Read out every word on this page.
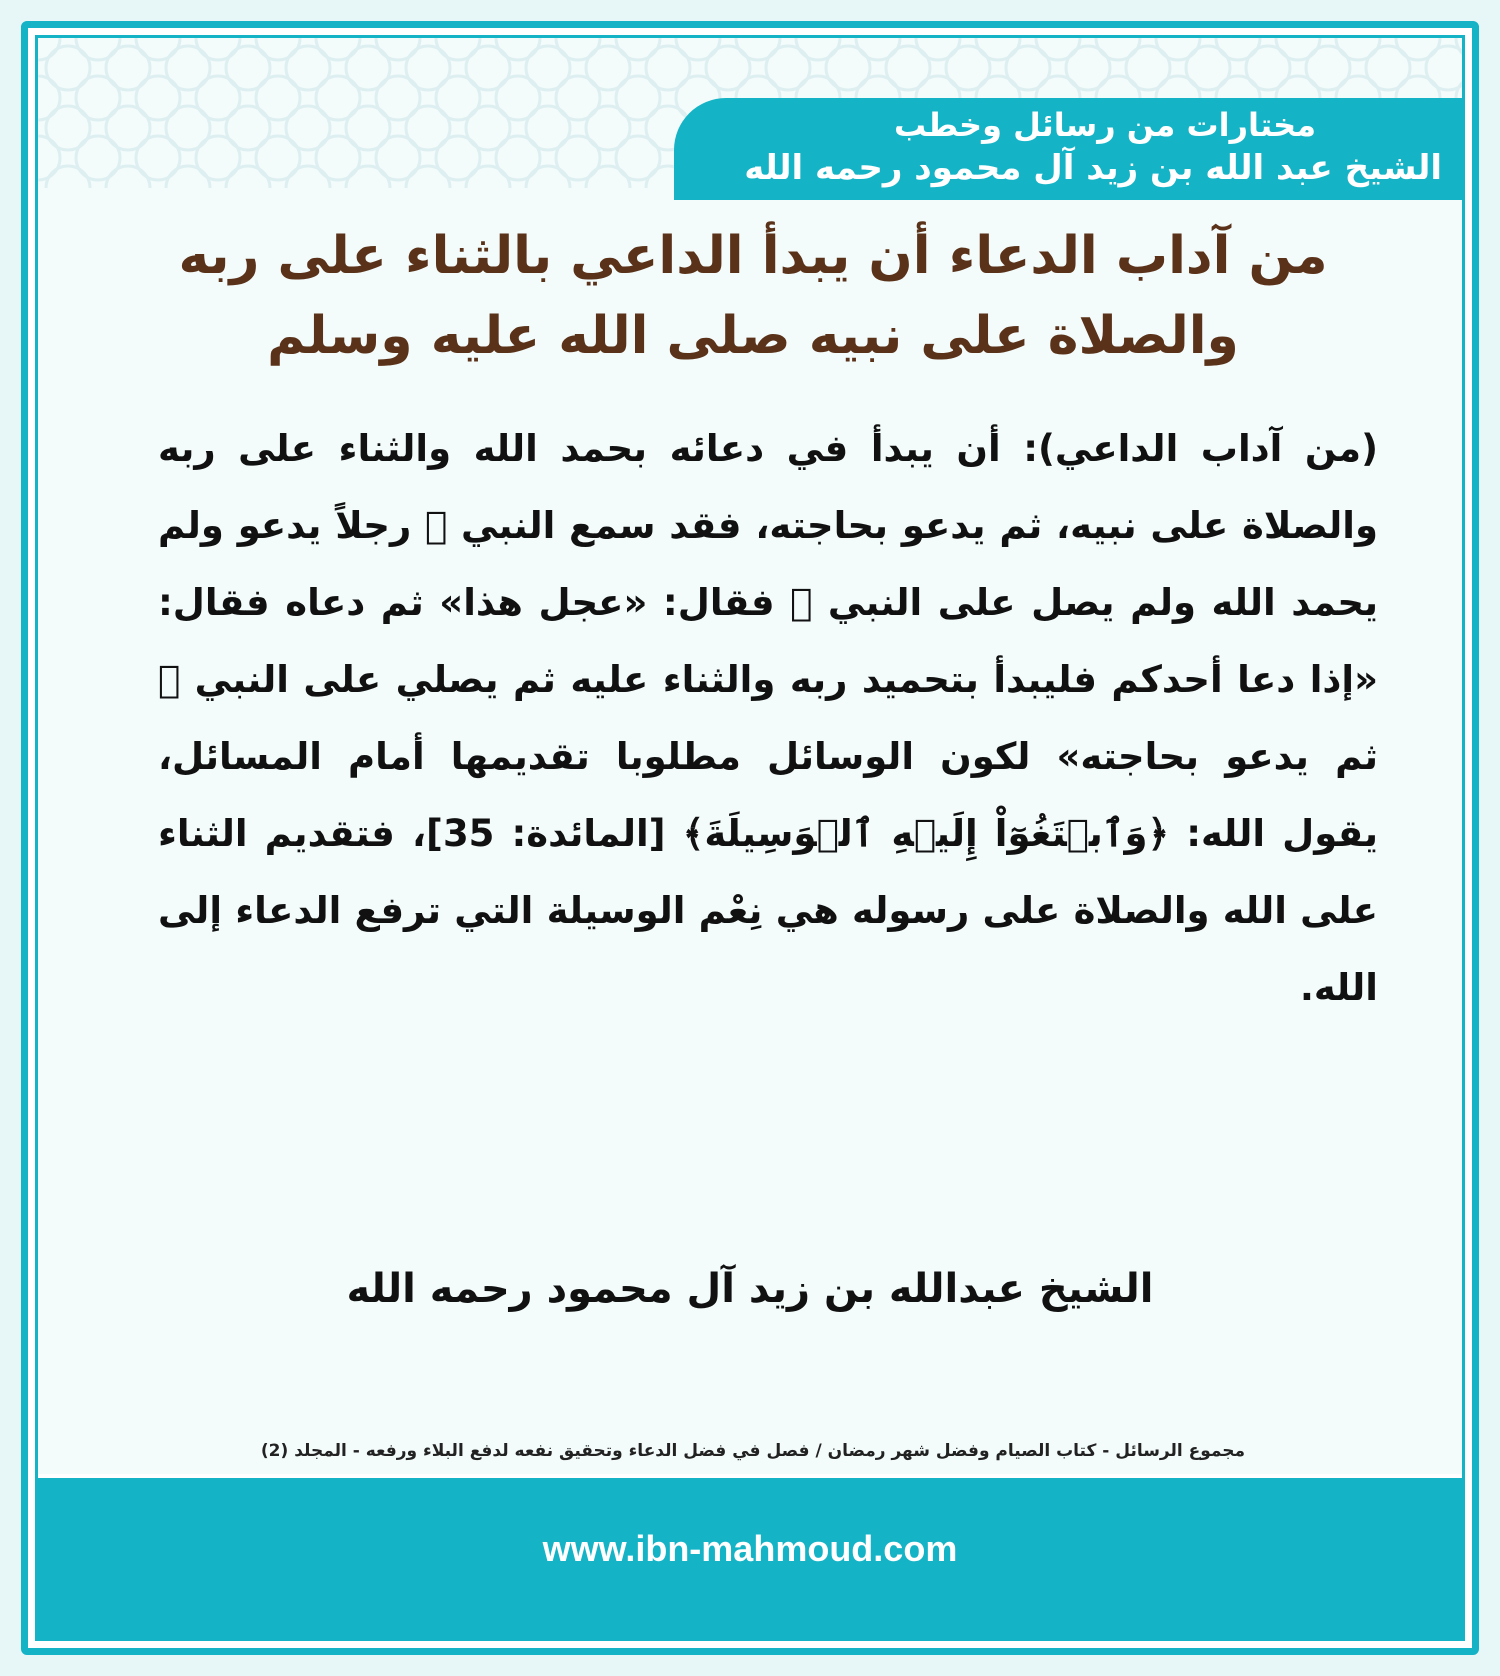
مختارات من رسائل وخطب
الشيخ عبد الله بن زيد آل محمود رحمه الله
من آداب الدعاء أن يبدأ الداعي بالثناء على ربه
والصلاة على نبيه صلى الله عليه وسلم
(من آداب الداعي): أن يبدأ في دعائه بحمد الله والثناء على ربه والصلاة على نبيه، ثم يدعو بحاجته، فقد سمع النبي ﷺ رجلاً يدعو ولم يحمد الله ولم يصل على النبي ﷺ فقال: «عجل هذا» ثم دعاه فقال: «إذا دعا أحدكم فليبدأ بتحميد ربه والثناء عليه ثم يصلي على النبي ﷺ ثم يدعو بحاجته» لكون الوسائل مطلوبا تقديمها أمام المسائل، يقول الله: ﴿وَٱبۡتَغُوٓاْ إِلَيۡهِ ٱلۡوَسِيلَةَ﴾ [المائدة: 35]، فتقديم الثناء على الله والصلاة على رسوله هي نِعْم الوسيلة التي ترفع الدعاء إلى الله.
الشيخ عبدالله بن زيد آل محمود رحمه الله
مجموع الرسائل - كتاب الصيام وفضل شهر رمضان / فصل في فضل الدعاء وتحقيق نفعه لدفع البلاء ورفعه - المجلد (2)
www.ibn-mahmoud.com
